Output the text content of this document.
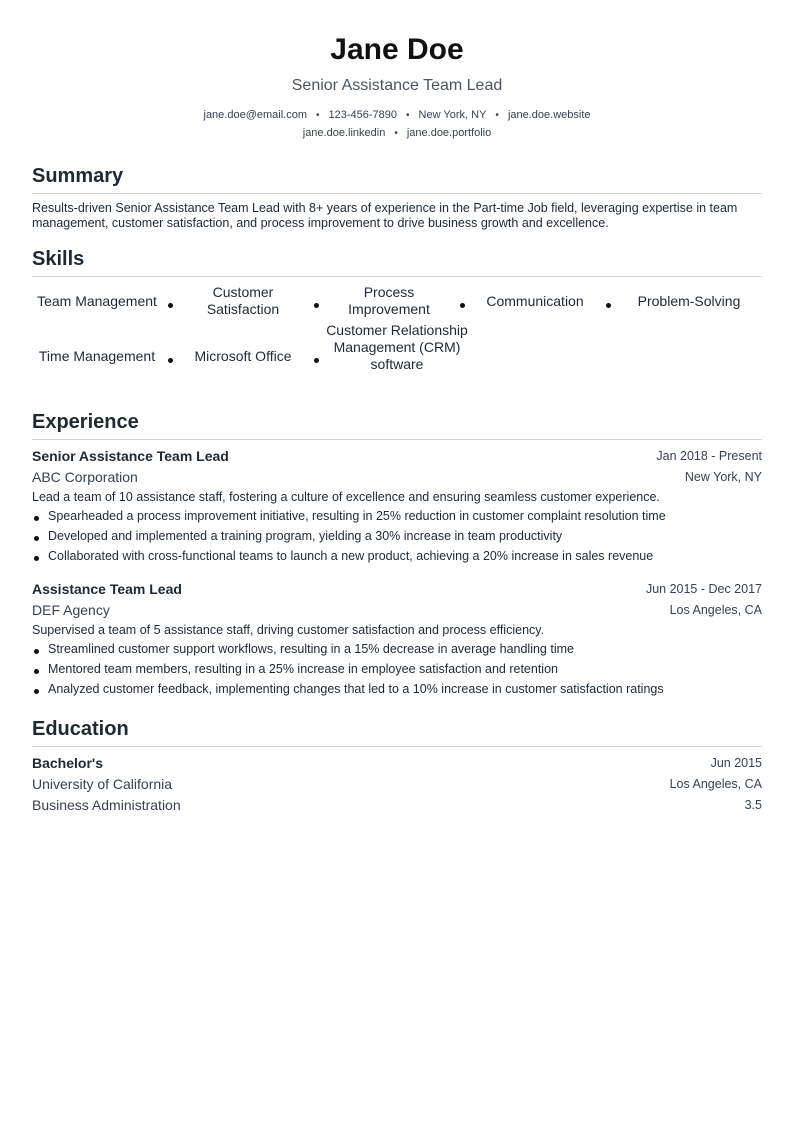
Jane Doe
Senior Assistance Team Lead
jane.doe@email.com • 123-456-7890 • New York, NY • jane.doe.website
jane.doe.linkedin • jane.doe.portfolio
Summary
Results-driven Senior Assistance Team Lead with 8+ years of experience in the Part-time Job field, leveraging expertise in team management, customer satisfaction, and process improvement to drive business growth and excellence.
Skills
Team Management
Customer Satisfaction
Process Improvement	Communication	Problem-Solving
Time Management	Microsoft Office
Customer Relationship Management (CRM) software
Experience
Senior Assistance Team Lead	Jan 2018 - Present
ABC Corporation	New York, NY
Lead a team of 10 assistance staff, fostering a culture of excellence and ensuring seamless customer experience.
Spearheaded a process improvement initiative, resulting in 25% reduction in customer complaint resolution time
Developed and implemented a training program, yielding a 30% increase in team productivity
Collaborated with cross-functional teams to launch a new product, achieving a 20% increase in sales revenue
Assistance Team Lead	Jun 2015 - Dec 2017
DEF Agency	Los Angeles, CA
Supervised a team of 5 assistance staff, driving customer satisfaction and process efficiency.
Streamlined customer support workflows, resulting in a 15% decrease in average handling time
Mentored team members, resulting in a 25% increase in employee satisfaction and retention
Analyzed customer feedback, implementing changes that led to a 10% increase in customer satisfaction ratings
Education
Bachelor's	Jun 2015
University of California	Los Angeles, CA
Business Administration	3.5
